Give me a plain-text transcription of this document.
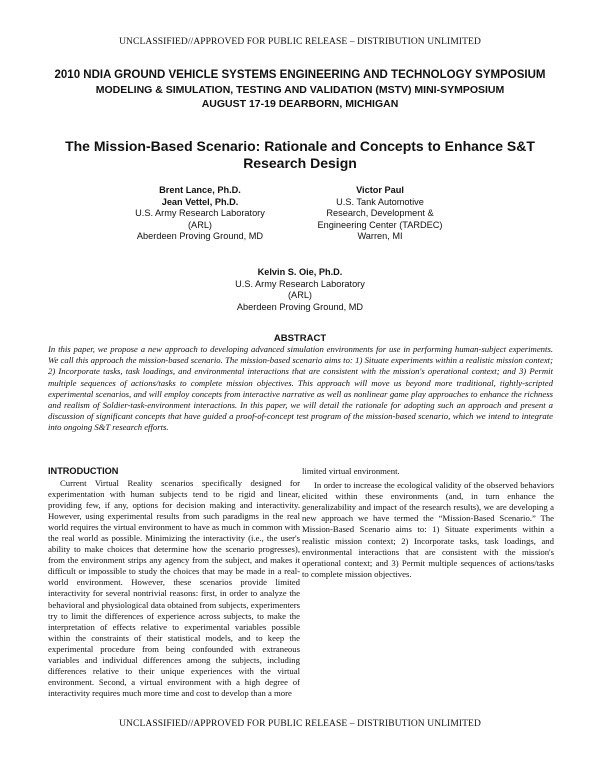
UNCLASSIFIED//APPROVED FOR PUBLIC RELEASE – DISTRIBUTION UNLIMITED
2010 NDIA GROUND VEHICLE SYSTEMS ENGINEERING AND TECHNOLOGY SYMPOSIUM
MODELING & SIMULATION, TESTING AND VALIDATION (MSTV) MINI-SYMPOSIUM
AUGUST 17-19 DEARBORN, MICHIGAN
The Mission-Based Scenario: Rationale and Concepts to Enhance S&T Research Design
Brent Lance, Ph.D.
Jean Vettel, Ph.D.
U.S. Army Research Laboratory
(ARL)
Aberdeen Proving Ground, MD
Victor Paul
U.S. Tank Automotive
Research, Development &
Engineering Center (TARDEC)
Warren, MI
Kelvin S. Oie, Ph.D.
U.S. Army Research Laboratory
(ARL)
Aberdeen Proving Ground, MD
ABSTRACT
In this paper, we propose a new approach to developing advanced simulation environments for use in performing human-subject experiments. We call this approach the mission-based scenario. The mission-based scenario aims to: 1) Situate experiments within a realistic mission context; 2) Incorporate tasks, task loadings, and environmental interactions that are consistent with the mission's operational context; and 3) Permit multiple sequences of actions/tasks to complete mission objectives. This approach will move us beyond more traditional, tightly-scripted experimental scenarios, and will employ concepts from interactive narrative as well as nonlinear game play approaches to enhance the richness and realism of Soldier-task-environment interactions. In this paper, we will detail the rationale for adopting such an approach and present a discussion of significant concepts that have guided a proof-of-concept test program of the mission-based scenario, which we intend to integrate into ongoing S&T research efforts.
INTRODUCTION

Current Virtual Reality scenarios specifically designed for experimentation with human subjects tend to be rigid and linear, providing few, if any, options for decision making and interactivity. However, using experimental results from such paradigms in the real world requires the virtual environment to have as much in common with the real world as possible. Minimizing the interactivity (i.e., the user's ability to make choices that determine how the scenario progresses), from the environment strips any agency from the subject, and makes it difficult or impossible to study the choices that may be made in a real-world environment. However, these scenarios provide limited interactivity for several nontrivial reasons: first, in order to analyze the behavioral and physiological data obtained from subjects, experimenters try to limit the differences of experience across subjects, to make the interpretation of effects relative to experimental variables possible within the constraints of their statistical models, and to keep the experimental procedure from being confounded with extraneous variables and individual differences among the subjects, including differences relative to their unique experiences with the virtual environment. Second, a virtual environment with a high degree of interactivity requires much more time and cost to develop than a more

limited virtual environment.

In order to increase the ecological validity of the observed behaviors elicited within these environments (and, in turn enhance the generalizability and impact of the research results), we are developing a new approach we have termed the “Mission-Based Scenario.” The Mission-Based Scenario aims to: 1) Situate experiments within a realistic mission context; 2) Incorporate tasks, task loadings, and environmental interactions that are consistent with the mission's operational context; and 3) Permit multiple sequences of actions/tasks to complete mission objectives.

UNCLASSIFIED//APPROVED FOR PUBLIC RELEASE – DISTRIBUTION UNLIMITED
